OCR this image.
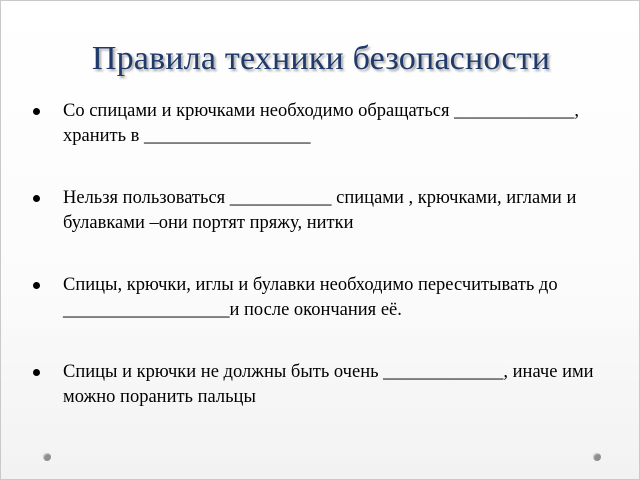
Правила техники безопасности
Со спицами и крючками необходимо обращаться _____________, хранить в __________________
Нельзя пользоваться ___________ спицами , крючками, иглами и булавками –они портят пряжу, нитки
Спицы, крючки, иглы и булавки необходимо пересчитывать до __________________и после окончания её.
Спицы и крючки не должны быть очень _____________, иначе ими можно поранить пальцы
